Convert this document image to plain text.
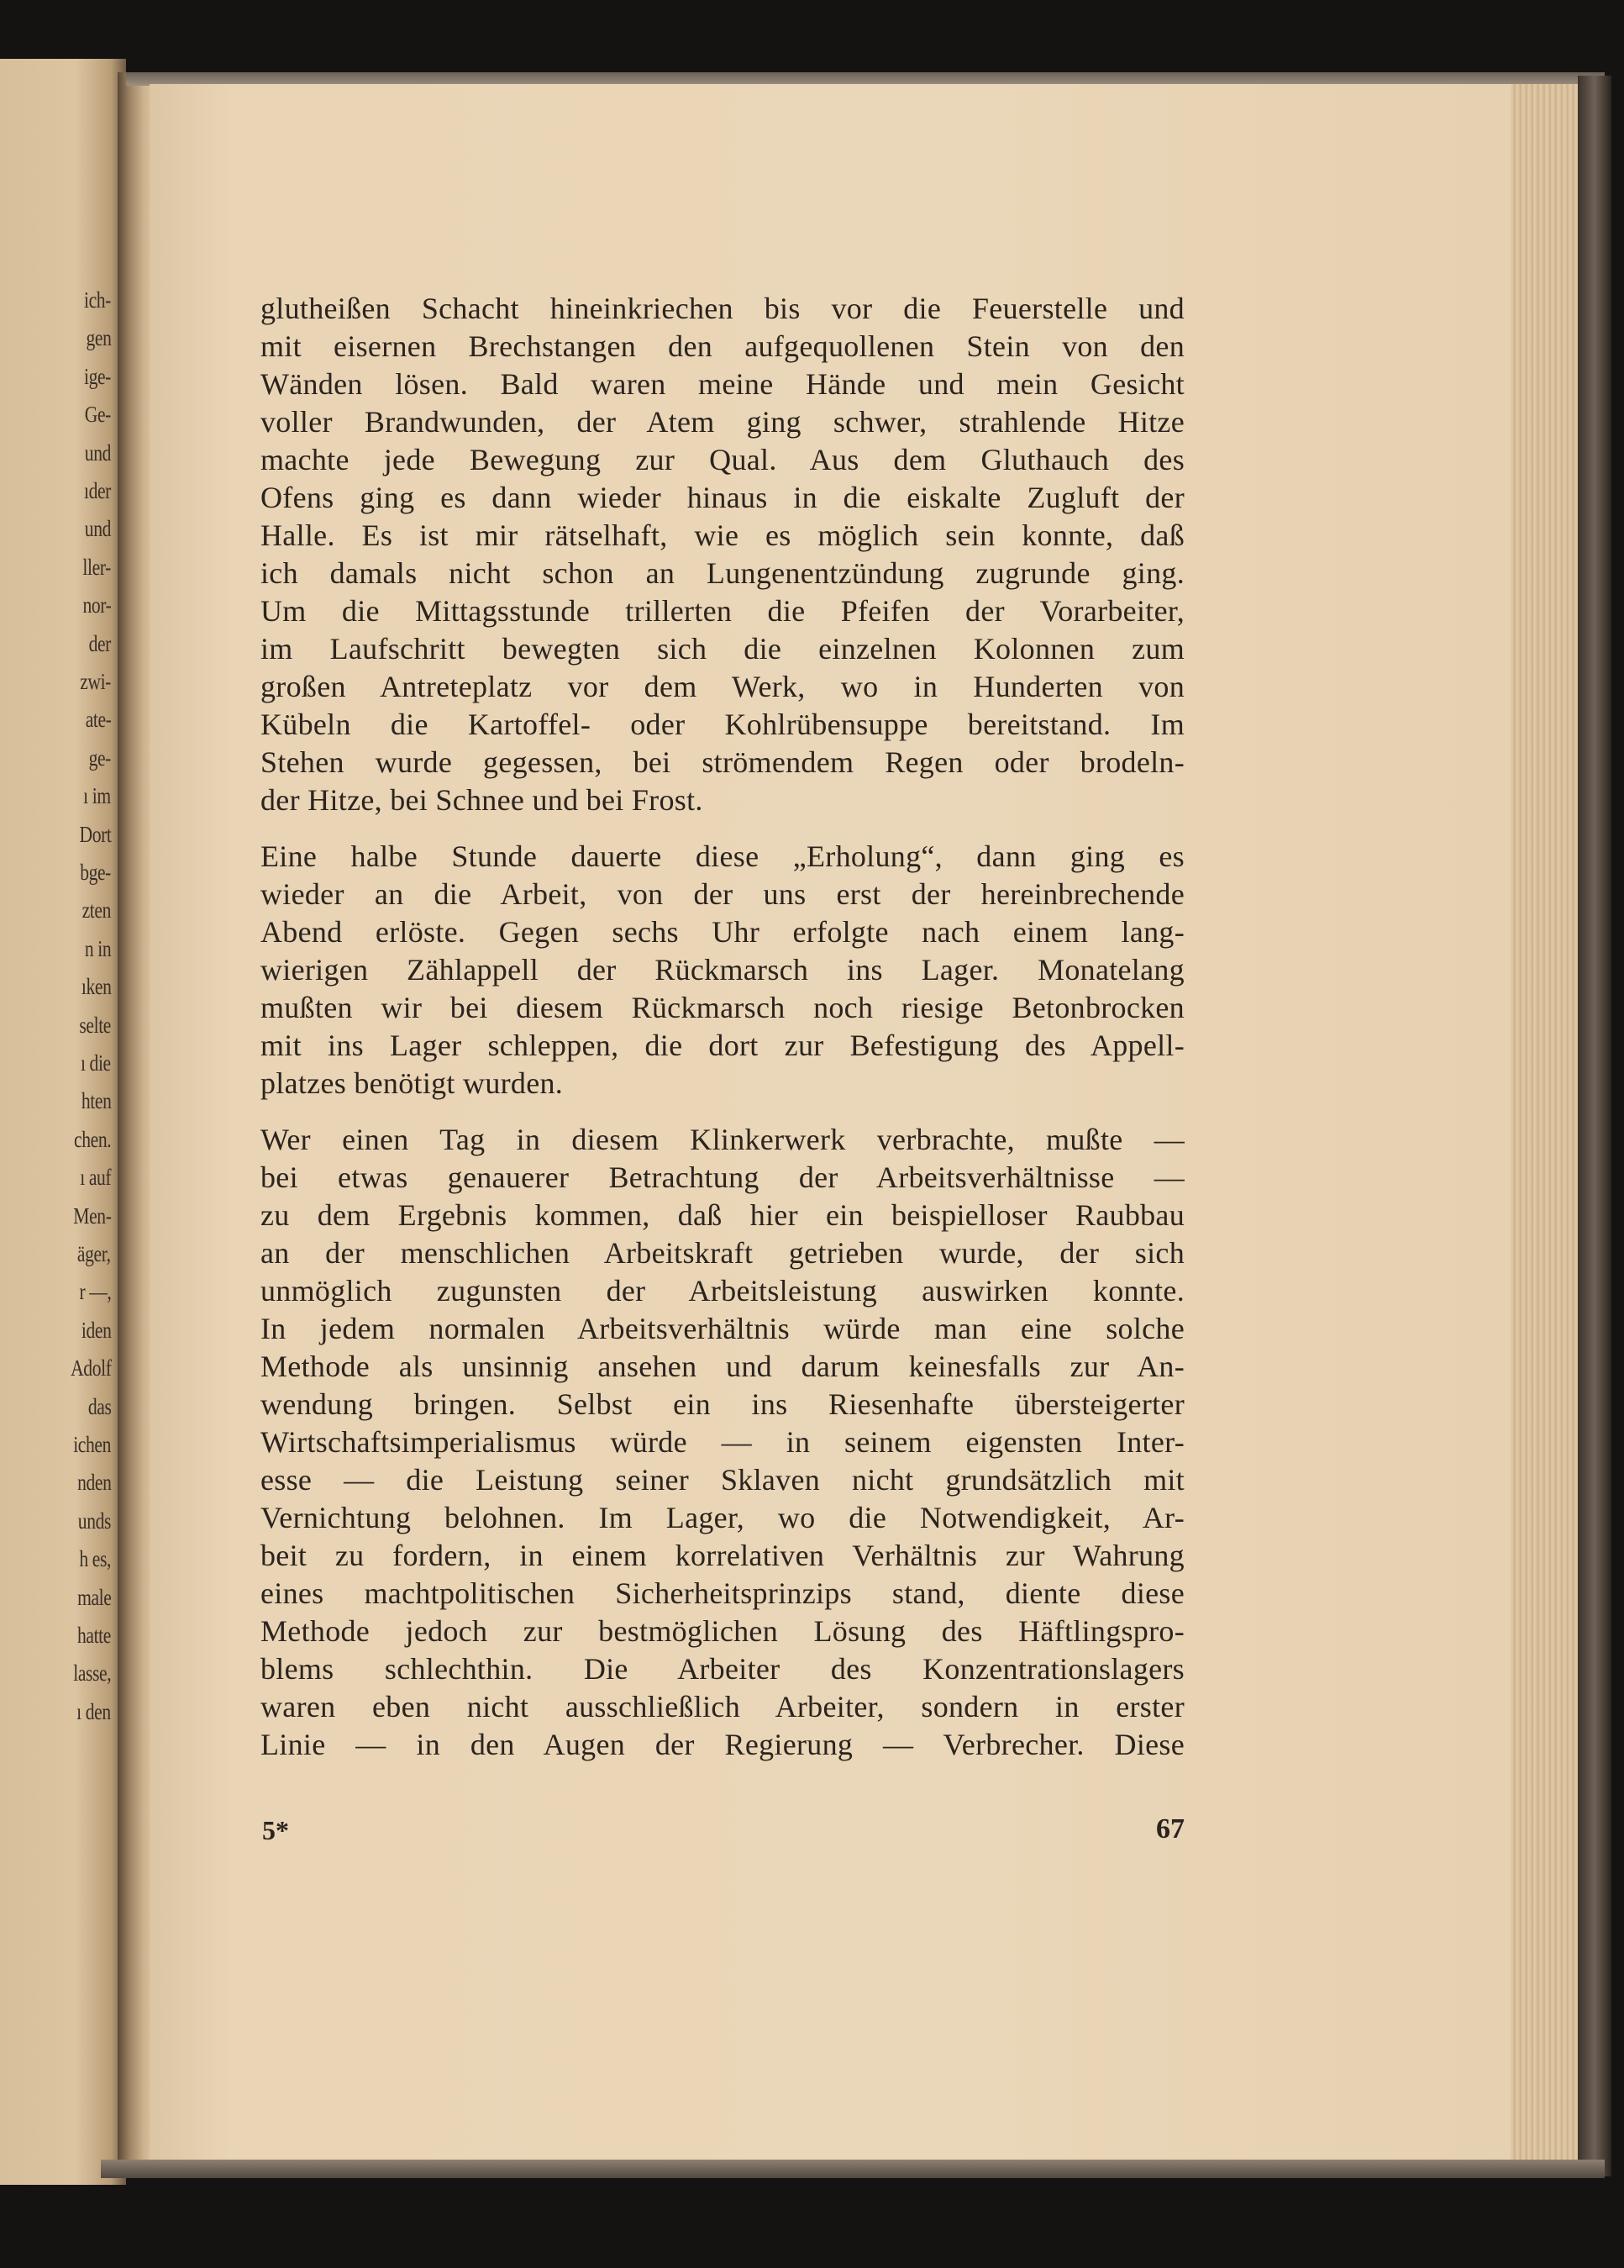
ich-
gen
ige-
Ge-
und
ıder
und
ller-
nor-
der
zwi-
ate-
ge-
ı im
Dort
bge-
zten
n in
ıken
selte
ı die
hten
chen.
ı auf
Men-
äger,
r —,
iden
Adolf
das
ichen
nden
unds
h es,
male
hatte
lasse,
ı den
glutheißen Schacht hineinkriechen bis vor die Feuerstelle und
mit eisernen Brechstangen den aufgequollenen Stein von den
Wänden lösen. Bald waren meine Hände und mein Gesicht
voller Brandwunden, der Atem ging schwer, strahlende Hitze
machte jede Bewegung zur Qual. Aus dem Gluthauch des
Ofens ging es dann wieder hinaus in die eiskalte Zugluft der
Halle. Es ist mir rätselhaft, wie es möglich sein konnte, daß
ich damals nicht schon an Lungenentzündung zugrunde ging.
Um die Mittagsstunde trillerten die Pfeifen der Vorarbeiter,
im Laufschritt bewegten sich die einzelnen Kolonnen zum
großen Antreteplatz vor dem Werk, wo in Hunderten von
Kübeln die Kartoffel- oder Kohlrübensuppe bereitstand. Im
Stehen wurde gegessen, bei strömendem Regen oder brodeln-
der Hitze, bei Schnee und bei Frost.
Eine halbe Stunde dauerte diese „Erholung“, dann ging es
wieder an die Arbeit, von der uns erst der hereinbrechende
Abend erlöste. Gegen sechs Uhr erfolgte nach einem lang-
wierigen Zählappell der Rückmarsch ins Lager. Monatelang
mußten wir bei diesem Rückmarsch noch riesige Betonbrocken
mit ins Lager schleppen, die dort zur Befestigung des Appell-
platzes benötigt wurden.
Wer einen Tag in diesem Klinkerwerk verbrachte, mußte —
bei etwas genauerer Betrachtung der Arbeitsverhältnisse —
zu dem Ergebnis kommen, daß hier ein beispielloser Raubbau
an der menschlichen Arbeitskraft getrieben wurde, der sich
unmöglich zugunsten der Arbeitsleistung auswirken konnte.
In jedem normalen Arbeitsverhältnis würde man eine solche
Methode als unsinnig ansehen und darum keinesfalls zur An-
wendung bringen. Selbst ein ins Riesenhafte übersteigerter
Wirtschaftsimperialismus würde — in seinem eigensten Inter-
esse — die Leistung seiner Sklaven nicht grundsätzlich mit
Vernichtung belohnen. Im Lager, wo die Notwendigkeit, Ar-
beit zu fordern, in einem korrelativen Verhältnis zur Wahrung
eines machtpolitischen Sicherheitsprinzips stand, diente diese
Methode jedoch zur bestmöglichen Lösung des Häftlingspro-
blems schlechthin. Die Arbeiter des Konzentrationslagers
waren eben nicht ausschließlich Arbeiter, sondern in erster
Linie — in den Augen der Regierung — Verbrecher. Diese
5*	67
